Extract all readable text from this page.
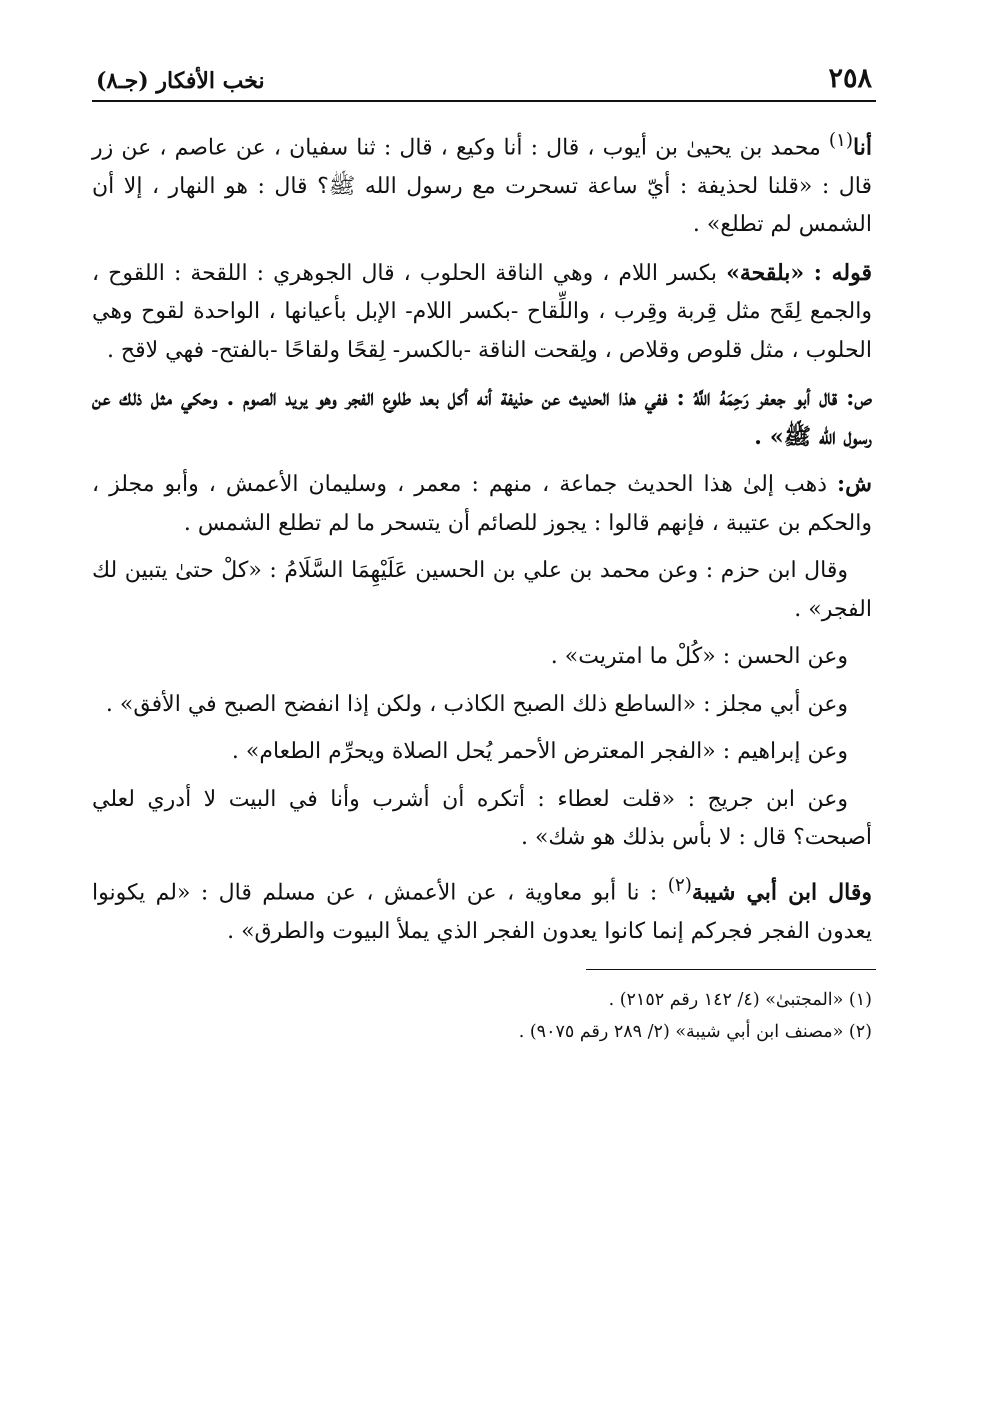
٢٥٨
نخب الأفكار (جـ٨)

أنا$^{(١)}$ محمد بن يحيىٰ بن أيوب ، قال : أنا وكيع ، قال : ثنا سفيان ، عن عاصم ، عن زر قال : «قلنا لحذيفة : أيّ ساعة تسحرت مع رسول الله ﷺ؟ قال : هو النهار ، إلا أن الشمس لم تطلع» .

قوله : «بلقحة» بكسر اللام ، وهي الناقة الحلوب ، قال الجوهري : اللقحة : اللقوح ، والجمع لِقَح مثل قِربة وقِرب ، واللِّقاح -بكسر اللام- الإبل بأعيانها ، الواحدة لقوح وهي الحلوب ، مثل قلوص وقلاص ، ولِقحت الناقة -بالكسر- لِقحًا ولقاحًا -بالفتح- فهي لاقح .

ص: قال أبو جعفر رَحِمَهُ اللَّهُ : ففي هذا الحديث عن حذيفة أنه أكل بعد طلوع الفجر وهو يريد الصوم . وحكي مثل ذلك عن رسول الله ﷺ» .

ش: ذهب إلىٰ هذا الحديث جماعة ، منهم : معمر ، وسليمان الأعمش ، وأبو مجلز ، والحكم بن عتيبة ، فإنهم قالوا : يجوز للصائم أن يتسحر ما لم تطلع الشمس .

وقال ابن حزم : وعن محمد بن علي بن الحسين عَلَيْهِمَا السَّلَامُ : «كلْ حتىٰ يتبين لك الفجر» .

وعن الحسن : «كُلْ ما امتريت» .

وعن أبي مجلز : «الساطع ذلك الصبح الكاذب ، ولكن إذا انفضح الصبح في الأفق» .

وعن إبراهيم : «الفجر المعترض الأحمر يُحل الصلاة ويحرِّم الطعام» .

وعن ابن جريج : «قلت لعطاء : أتكره أن أشرب وأنا في البيت لا أدري لعلي أصبحت؟ قال : لا بأس بذلك هو شك» .

وقال ابن أبي شيبة$^{(٢)}$ : نا أبو معاوية ، عن الأعمش ، عن مسلم قال : «لم يكونوا يعدون الفجر فجركم إنما كانوا يعدون الفجر الذي يملأ البيوت والطرق» .

(١) «المجتبىٰ» (٤/ ١٤٢ رقم ٢١٥٢) .

(٢) «مصنف ابن أبي شيبة» (٢/ ٢٨٩ رقم ٩٠٧٥) .
